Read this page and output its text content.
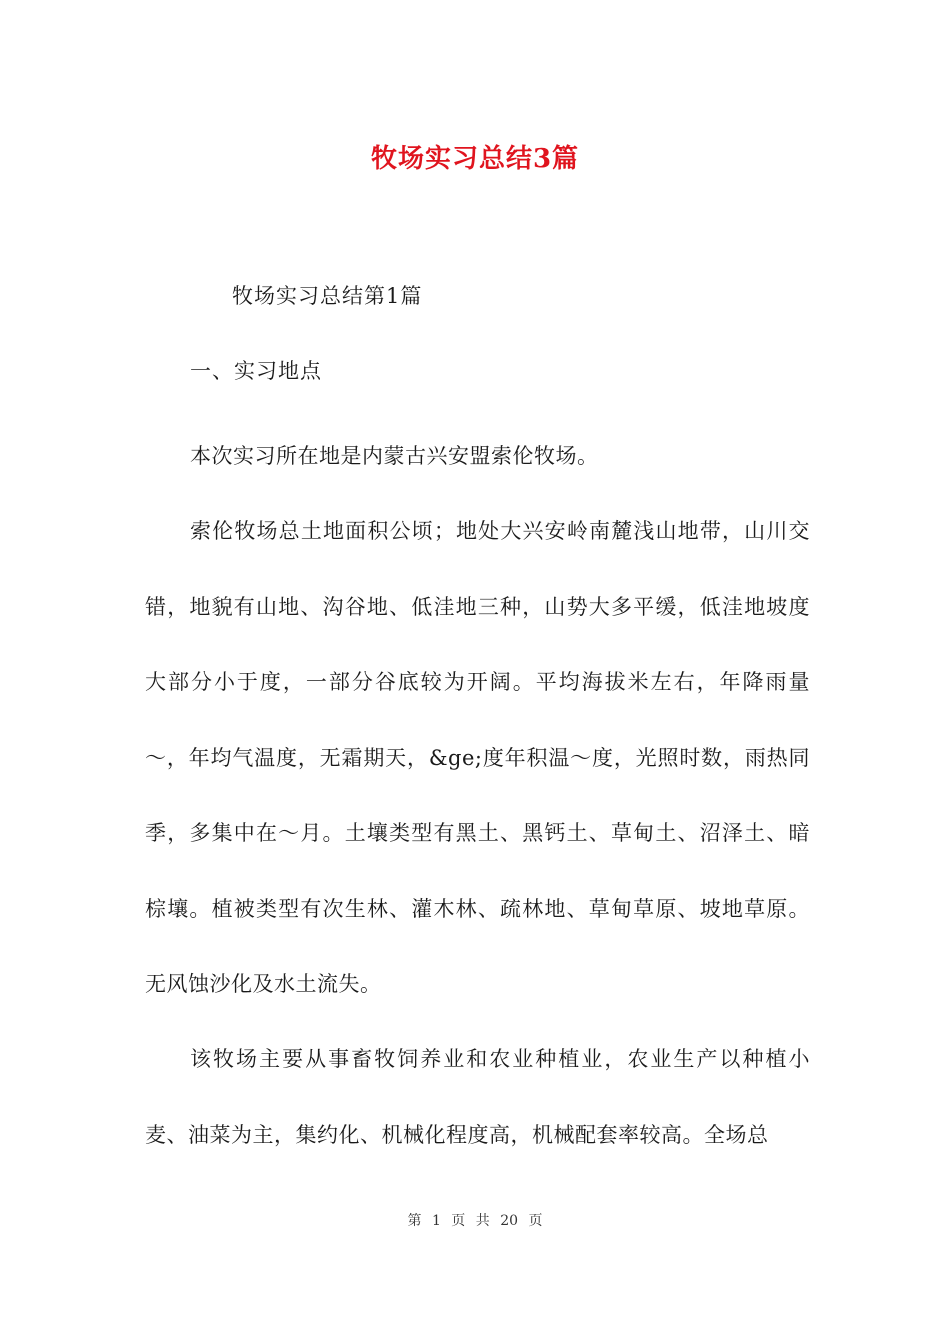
牧场实习总结3篇
牧场实习总结第1篇
一、实习地点

本次实习所在地是内蒙古兴安盟索伦牧场。

索伦牧场总土地面积公顷；地处大兴安岭南麓浅山地带，山川交错，地貌有山地、沟谷地、低洼地三种，山势大多平缓，低洼地坡度大部分小于度，一部分谷底较为开阔。平均海拔米左右，年降雨量～，年均气温度，无霜期天，&ge;度年积温～度，光照时数，雨热同季，多集中在～月。土壤类型有黑土、黑钙土、草甸土、沼泽土、暗棕壤。植被类型有次生林、灌木林、疏林地、草甸草原、坡地草原。无风蚀沙化及水土流失。

该牧场主要从事畜牧饲养业和农业种植业，农业生产以种植小麦、油菜为主，集约化、机械化程度高，机械配套率较高。全场总

第 1 页 共 20 页
